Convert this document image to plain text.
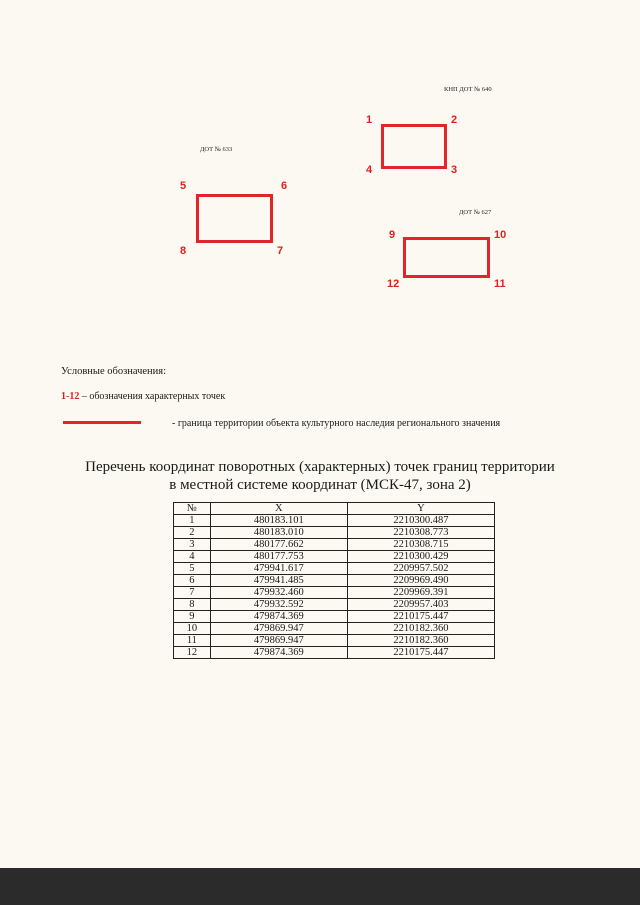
КНП ДОТ № 640
ДОТ № 633
ДОТ № 627
1	2
3
4
5	6
7
8
9	10
11
12
Условные обозначения:
1-12 – обозначения характерных точек
- граница территории объекта культурного наследия регионального значения
Перечень координат поворотных (характерных) точек границ территории
в местной системе координат (МСК-47, зона 2)
№	X	Y
1	480183.101	2210300.487
2	480183.010	2210308.773
3	480177.662	2210308.715
4	480177.753	2210300.429
5	479941.617	2209957.502
6	479941.485	2209969.490
7	479932.460	2209969.391
8	479932.592	2209957.403
9	479874.369	2210175.447
10	479869.947	2210182.360
11	479869.947	2210182.360
12	479874.369	2210175.447
